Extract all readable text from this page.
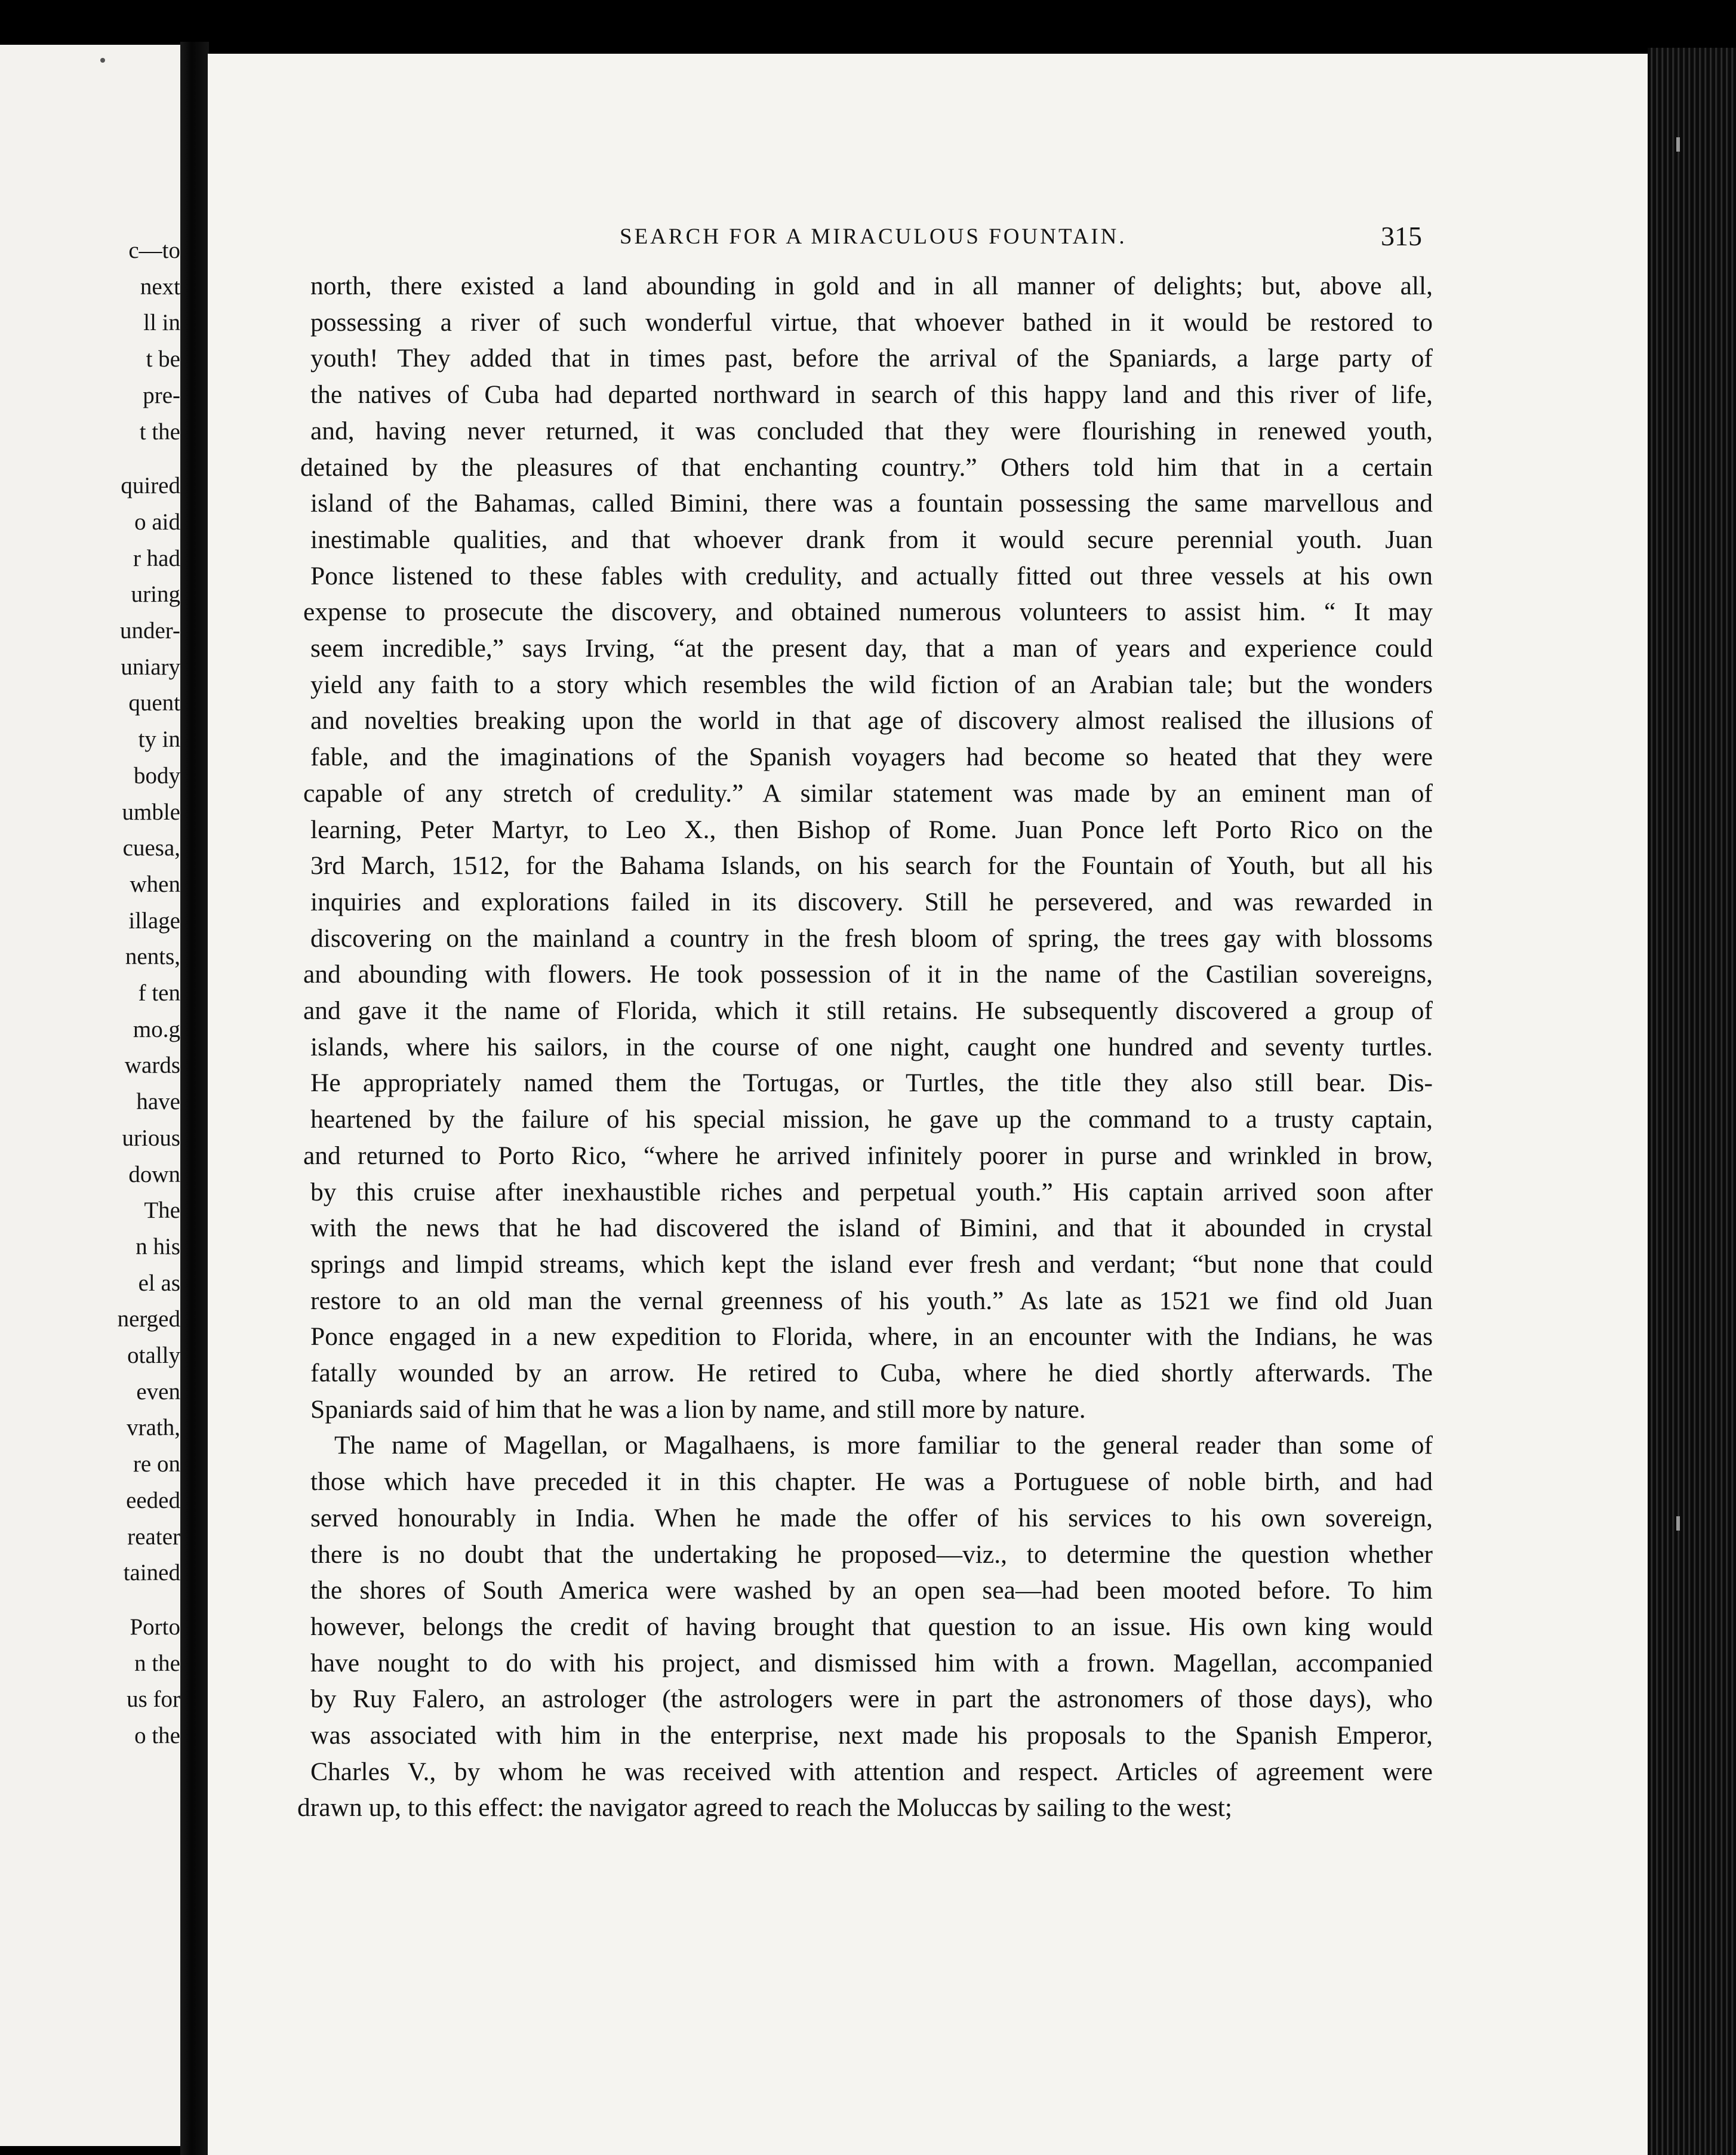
c—to
next
ll in
t be
pre-
t the
quired
o aid
r had
uring
under-
uniary
quent
ty in
body
umble
cuesa,
when
illage
nents,
f ten
mo.g
wards
have
urious
down
The
n his
el as
nerged
otally
even
vrath,
re on
eeded
reater
tained
Porto
n the
us for
o the
SEARCH FOR A MIRACULOUS FOUNTAIN.	315
north, there existed a land abounding in gold and in all manner of delights; but, above all,
possessing a river of such wonderful virtue, that whoever bathed in it would be restored to
youth! They added that in times past, before the arrival of the Spaniards, a large party of
the natives of Cuba had departed northward in search of this happy land and this river of life,
and, having never returned, it was concluded that they were flourishing in renewed youth,
detained by the pleasures of that enchanting country.” Others told him that in a certain
island of the Bahamas, called Bimini, there was a fountain possessing the same marvellous and
inestimable qualities, and that whoever drank from it would secure perennial youth. Juan
Ponce listened to these fables with credulity, and actually fitted out three vessels at his own
expense to prosecute the discovery, and obtained numerous volunteers to assist him. “ It may
seem incredible,” says Irving, “at the present day, that a man of years and experience could
yield any faith to a story which resembles the wild fiction of an Arabian tale; but the wonders
and novelties breaking upon the world in that age of discovery almost realised the illusions of
fable, and the imaginations of the Spanish voyagers had become so heated that they were
capable of any stretch of credulity.” A similar statement was made by an eminent man of
learning, Peter Martyr, to Leo X., then Bishop of Rome. Juan Ponce left Porto Rico on the
3rd March, 1512, for the Bahama Islands, on his search for the Fountain of Youth, but all his
inquiries and explorations failed in its discovery. Still he persevered, and was rewarded in
discovering on the mainland a country in the fresh bloom of spring, the trees gay with blossoms
and abounding with flowers. He took possession of it in the name of the Castilian sovereigns,
and gave it the name of Florida, which it still retains. He subsequently discovered a group of
islands, where his sailors, in the course of one night, caught one hundred and seventy turtles.
He appropriately named them the Tortugas, or Turtles, the title they also still bear. Dis-
heartened by the failure of his special mission, he gave up the command to a trusty captain,
and returned to Porto Rico, “where he arrived infinitely poorer in purse and wrinkled in brow,
by this cruise after inexhaustible riches and perpetual youth.” His captain arrived soon after
with the news that he had discovered the island of Bimini, and that it abounded in crystal
springs and limpid streams, which kept the island ever fresh and verdant; “but none that could
restore to an old man the vernal greenness of his youth.” As late as 1521 we find old Juan
Ponce engaged in a new expedition to Florida, where, in an encounter with the Indians, he was
fatally wounded by an arrow. He retired to Cuba, where he died shortly afterwards. The
Spaniards said of him that he was a lion by name, and still more by nature.
The name of Magellan, or Magalhaens, is more familiar to the general reader than some of
those which have preceded it in this chapter. He was a Portuguese of noble birth, and had
served honourably in India. When he made the offer of his services to his own sovereign,
there is no doubt that the undertaking he proposed—viz., to determine the question whether
the shores of South America were washed by an open sea—had been mooted before. To him
however, belongs the credit of having brought that question to an issue. His own king would
have nought to do with his project, and dismissed him with a frown. Magellan, accompanied
by Ruy Falero, an astrologer (the astrologers were in part the astronomers of those days), who
was associated with him in the enterprise, next made his proposals to the Spanish Emperor,
Charles V., by whom he was received with attention and respect. Articles of agreement were
drawn up, to this effect: the navigator agreed to reach the Moluccas by sailing to the west;
